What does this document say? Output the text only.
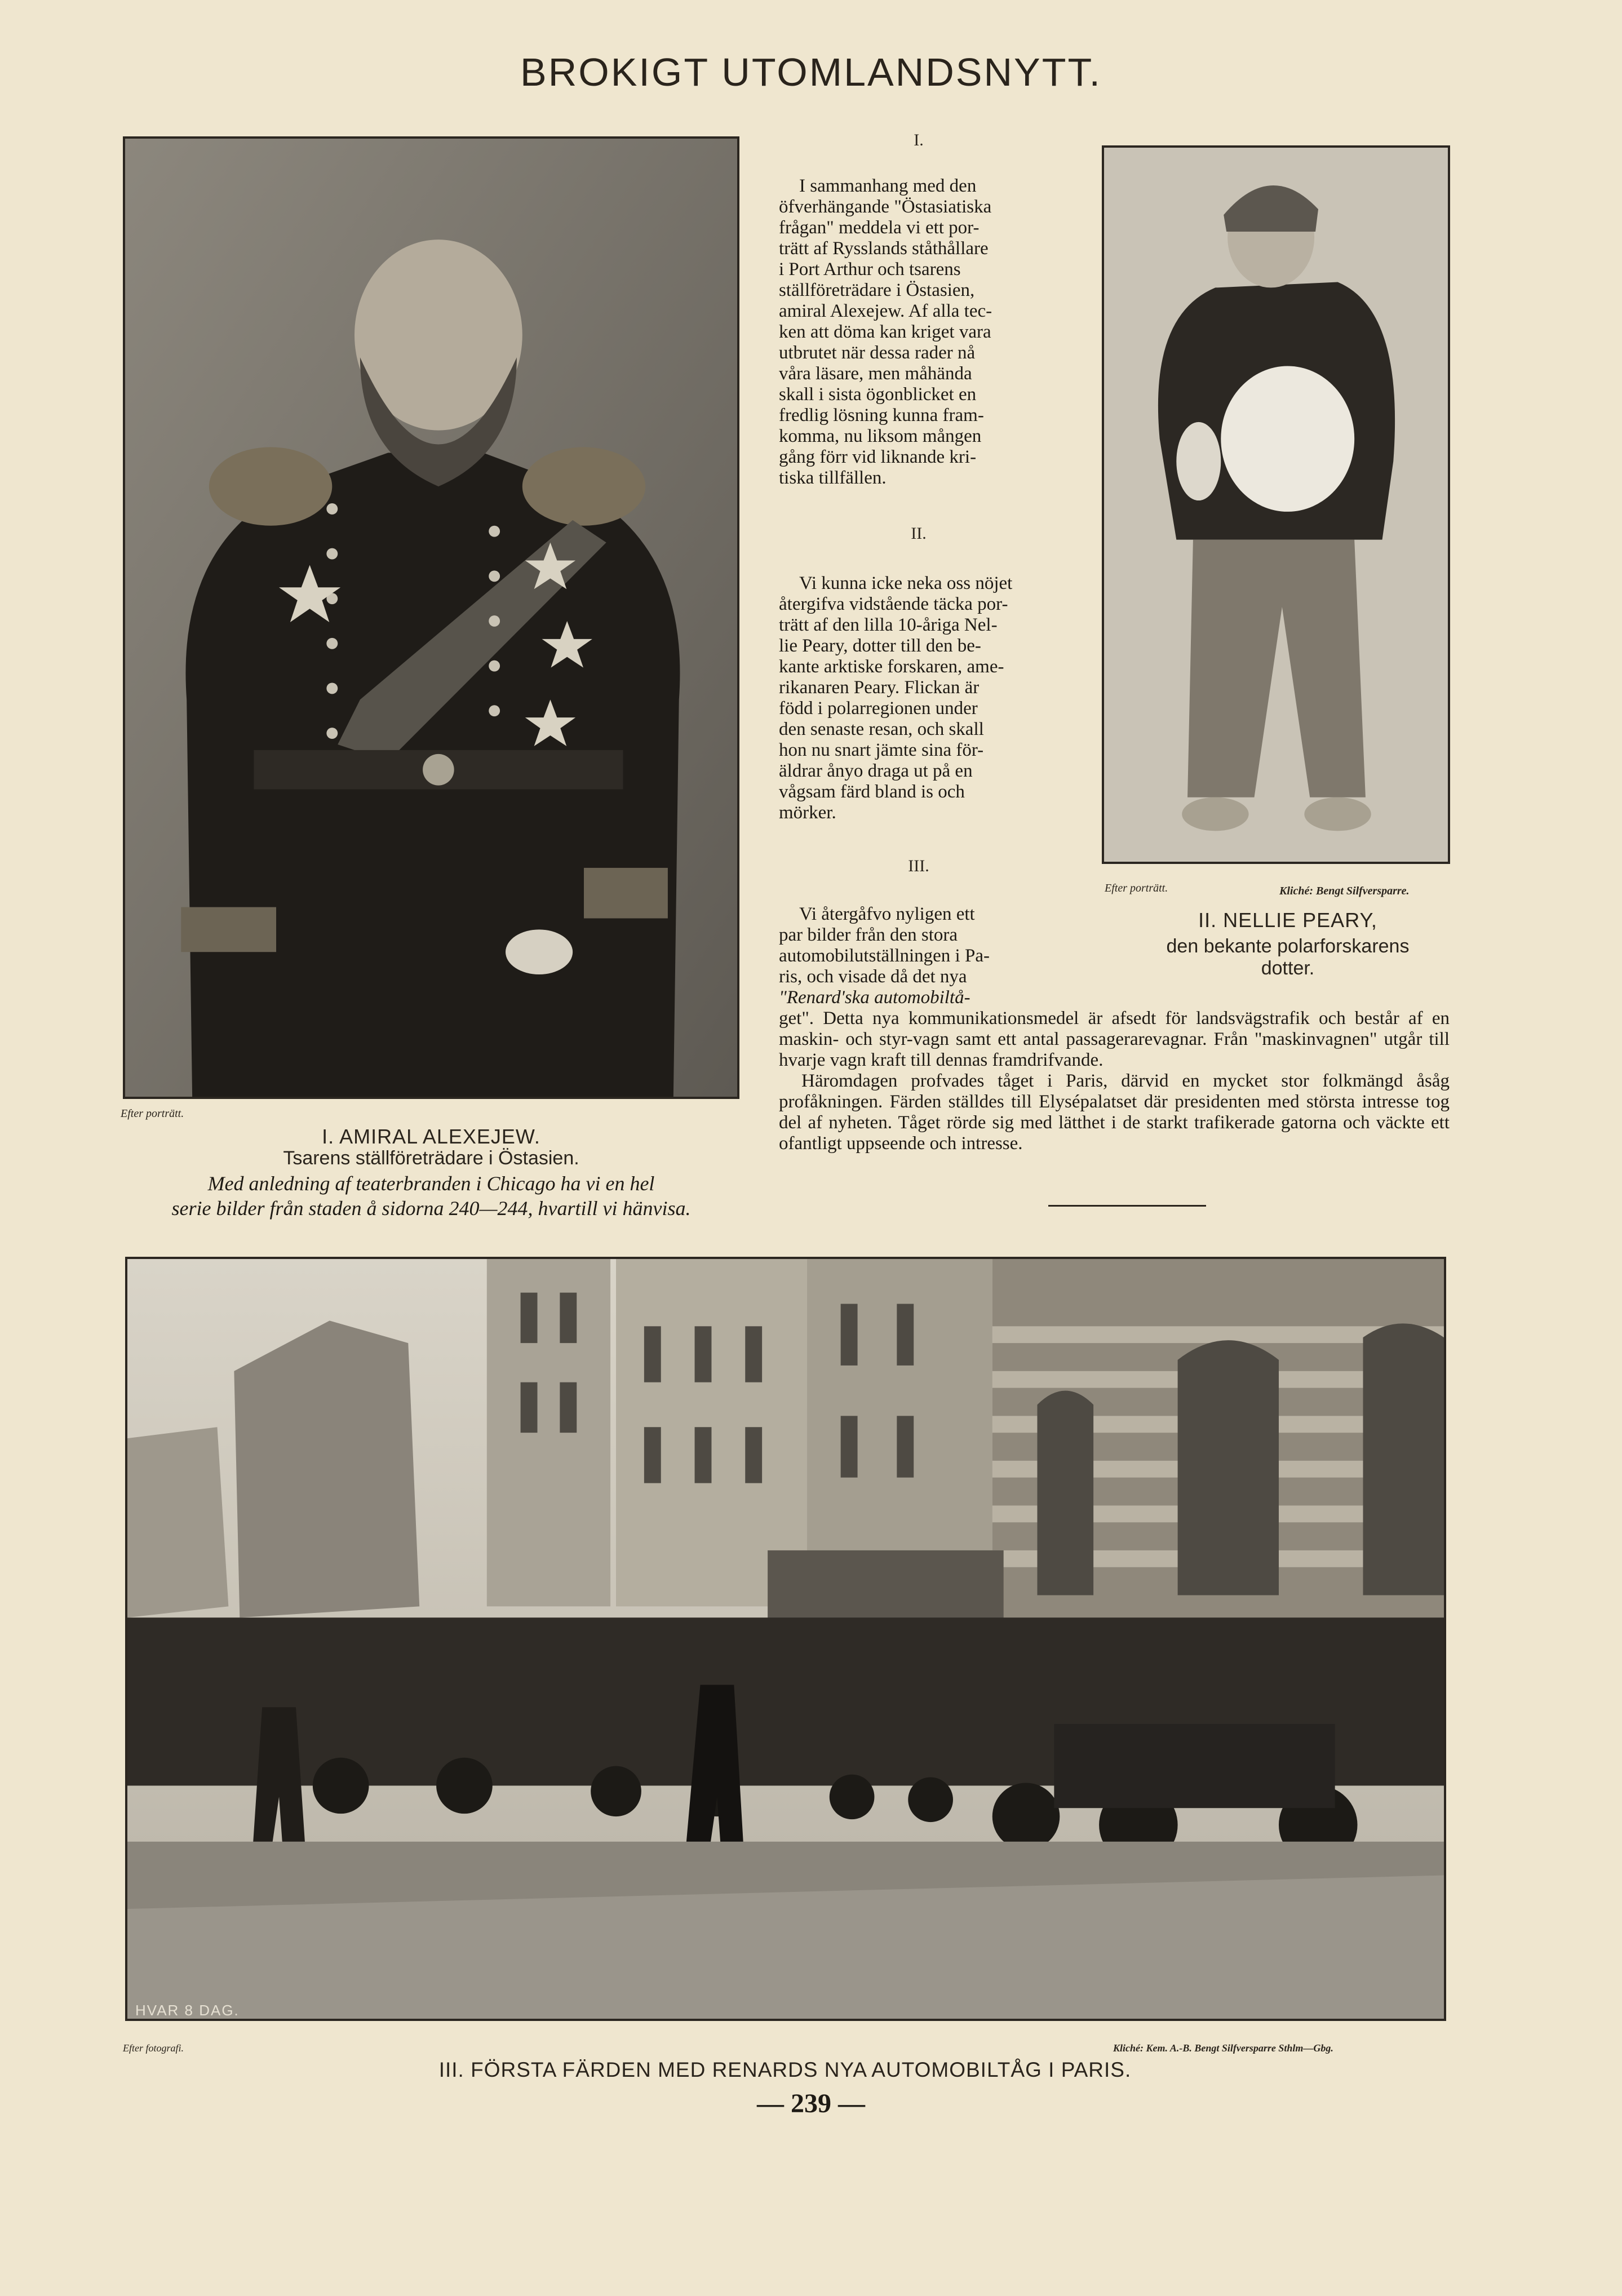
BROKIGT UTOMLANDSNYTT.
Efter porträtt.
I. AMIRAL ALEXEJEW.
Tsarens ställföreträdare i Östasien.
Med anledning af teaterbranden i Chicago ha vi en hel
serie bilder från staden å sidorna 240—244, hvartill vi hänvisa.
I.

I sammanhang med den

öfverhängande "Östasiatiska

frågan" meddela vi ett por-

trätt af Rysslands ståthållare

i Port Arthur och tsarens

ställföreträdare i Östasien,

amiral Alexejew. Af alla tec-

ken att döma kan kriget vara

utbrutet när dessa rader nå

våra läsare, men måhända

skall i sista ögonblicket en

fredlig lösning kunna fram-

komma, nu liksom mången

gång förr vid liknande kri-

tiska tillfällen.

II.

Vi kunna icke neka oss nöjet

återgifva vidstående täcka por-

trätt af den lilla 10-åriga Nel-

lie Peary, dotter till den be-

kante arktiske forskaren, ame-

rikanaren Peary. Flickan är

född i polarregionen under

den senaste resan, och skall

hon nu snart jämte sina för-

äldrar ånyo draga ut på en

vågsam färd bland is och

mörker.

III.

Vi återgåfvo nyligen ett

par bilder från den stora

automobilutställningen i Pa-

ris, och visade då det nya

"Renard'ska automobiltå-

get". Detta nya kommunikationsmedel är afsedt för landsvägstrafik och består af en maskin- och styr-vagn samt ett antal passagerarevagnar. Från "maskinvagnen" utgår till hvarje vagn kraft till dennas framdrifvande.

Häromdagen profvades tåget i Paris, därvid en mycket stor folkmängd åsåg profåkningen. Färden ställdes till Elysépalatset där presidenten med största intresse tog del af nyheten. Tåget rörde sig med lätthet i de starkt trafikerade gatorna och väckte ett ofantligt uppseende och intresse.

Efter porträtt.	Kliché: Bengt Silfversparre.
II. NELLIE PEARY,
den bekante polarforskarens
dotter.
HVAR 8 DAG.
Efter fotografi.	Kliché: Kem. A.-B. Bengt Silfversparre Sthlm—Gbg.
III. FÖRSTA FÄRDEN MED RENARDS NYA AUTOMOBILTÅG I PARIS.
— 239 —
